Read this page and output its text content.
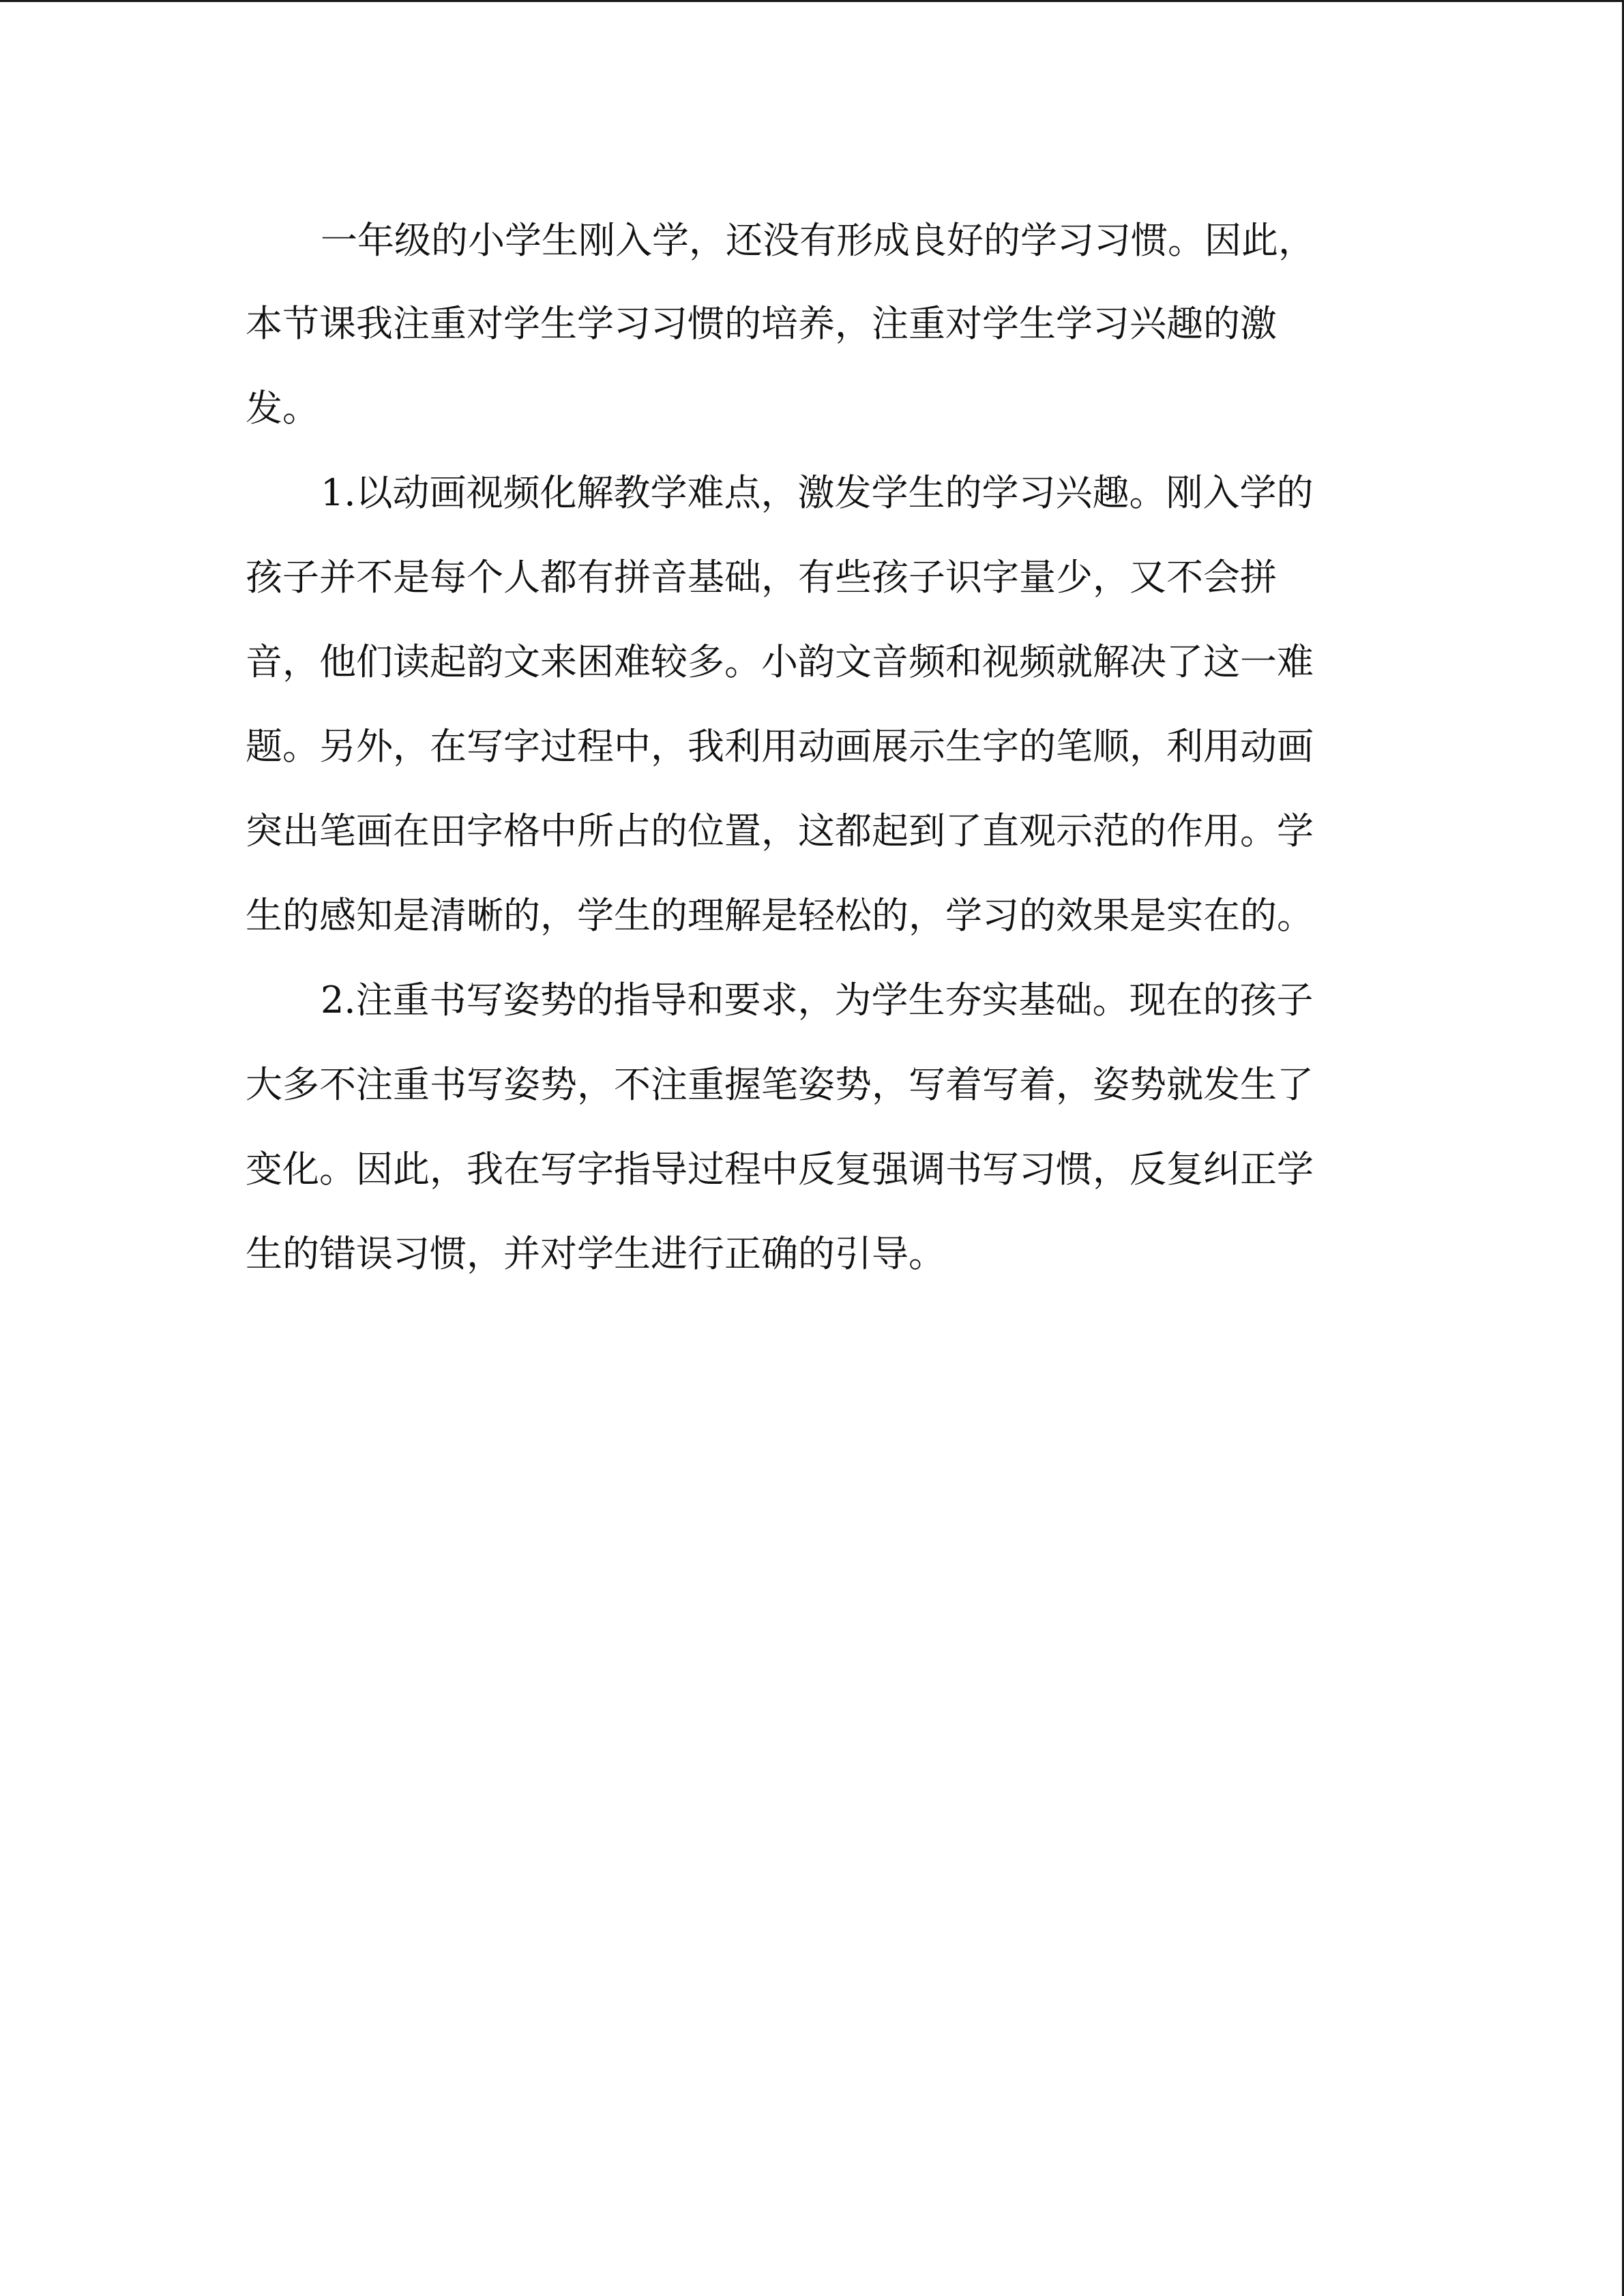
一年级的小学生刚入学，还没有形成良好的学习习惯。因此，
本节课我注重对学生学习习惯的培养，注重对学生学习兴趣的激
发。
1.以动画视频化解教学难点，激发学生的学习兴趣。刚入学的
孩子并不是每个人都有拼音基础，有些孩子识字量少，又不会拼
音，他们读起韵文来困难较多。小韵文音频和视频就解决了这一难
题。另外，在写字过程中，我利用动画展示生字的笔顺，利用动画
突出笔画在田字格中所占的位置，这都起到了直观示范的作用。学
生的感知是清晰的，学生的理解是轻松的，学习的效果是实在的。
2.注重书写姿势的指导和要求，为学生夯实基础。现在的孩子
大多不注重书写姿势，不注重握笔姿势，写着写着，姿势就发生了
变化。因此，我在写字指导过程中反复强调书写习惯，反复纠正学
生的错误习惯，并对学生进行正确的引导。
